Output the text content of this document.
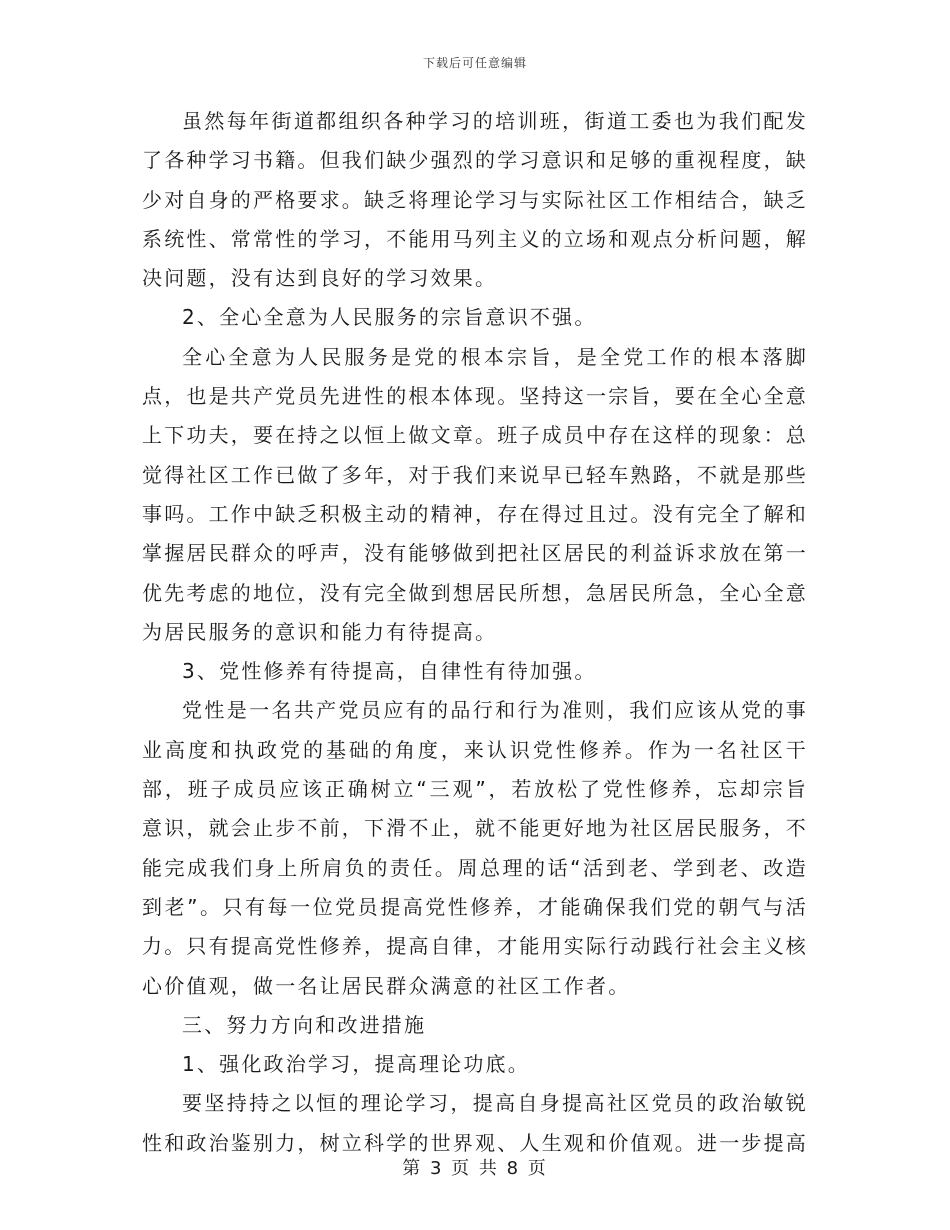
下载后可任意编辑

虽然每年街道都组织各种学习的培训班，街道工委也为我们配发了各种学习书籍。但我们缺少强烈的学习意识和足够的重视程度，缺少对自身的严格要求。缺乏将理论学习与实际社区工作相结合，缺乏系统性、常常性的学习，不能用马列主义的立场和观点分析问题，解决问题，没有达到良好的学习效果。

2、全心全意为人民服务的宗旨意识不强。

全心全意为人民服务是党的根本宗旨，是全党工作的根本落脚点，也是共产党员先进性的根本体现。坚持这一宗旨，要在全心全意上下功夫，要在持之以恒上做文章。班子成员中存在这样的现象：总觉得社区工作已做了多年，对于我们来说早已轻车熟路，不就是那些事吗。工作中缺乏积极主动的精神，存在得过且过。没有完全了解和掌握居民群众的呼声，没有能够做到把社区居民的利益诉求放在第一优先考虑的地位，没有完全做到想居民所想，急居民所急，全心全意为居民服务的意识和能力有待提高。

3、党性修养有待提高，自律性有待加强。

党性是一名共产党员应有的品行和行为准则，我们应该从党的事业高度和执政党的基础的角度，来认识党性修养。作为一名社区干部，班子成员应该正确树立“三观”，若放松了党性修养，忘却宗旨意识，就会止步不前，下滑不止，就不能更好地为社区居民服务，不能完成我们身上所肩负的责任。周总理的话“活到老、学到老、改造到老”。只有每一位党员提高党性修养，才能确保我们党的朝气与活力。只有提高党性修养，提高自律，才能用实际行动践行社会主义核心价值观，做一名让居民群众满意的社区工作者。

三、努力方向和改进措施

1、强化政治学习，提高理论功底。

要坚持持之以恒的理论学习，提高自身提高社区党员的政治敏锐性和政治鉴别力，树立科学的世界观、人生观和价值观。进一步提高

第 3 页 共 8 页
